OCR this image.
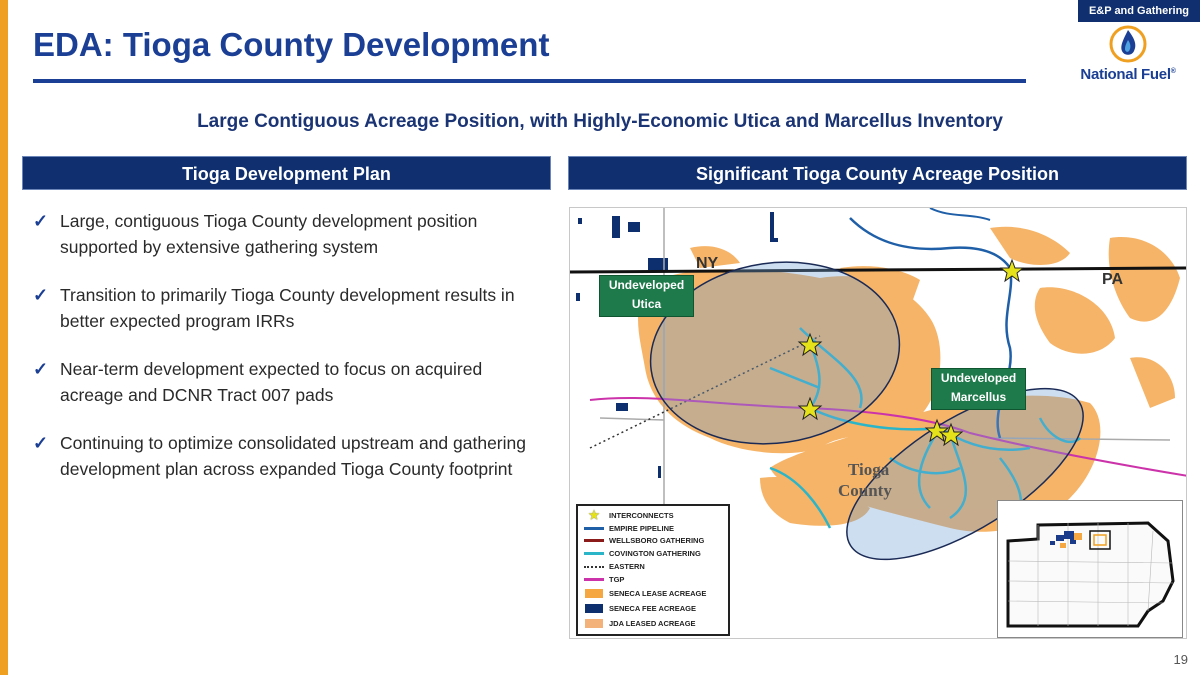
E&P and Gathering
EDA: Tioga County Development
National Fuel®
Large Contiguous Acreage Position, with Highly-Economic Utica and Marcellus Inventory
Tioga Development Plan	Significant Tioga County Acreage Position
✓ Large, contiguous Tioga County development position supported by extensive gathering system
✓ Transition to primarily Tioga County development results in better expected program IRRs
✓ Near-term development expected to focus on acquired acreage and DCNR Tract 007 pads
✓ Continuing to optimize consolidated upstream and gathering development plan across expanded Tioga County footprint
NY
PA
Tioga
County
Undeveloped
Utica
Undeveloped
Marcellus
★ INTERCONNECTS
EMPIRE PIPELINE
WELLSBORO GATHERING
COVINGTON GATHERING
EASTERN
TGP
SENECA LEASE ACREAGE
SENECA FEE ACREAGE
JDA LEASED ACREAGE
19
